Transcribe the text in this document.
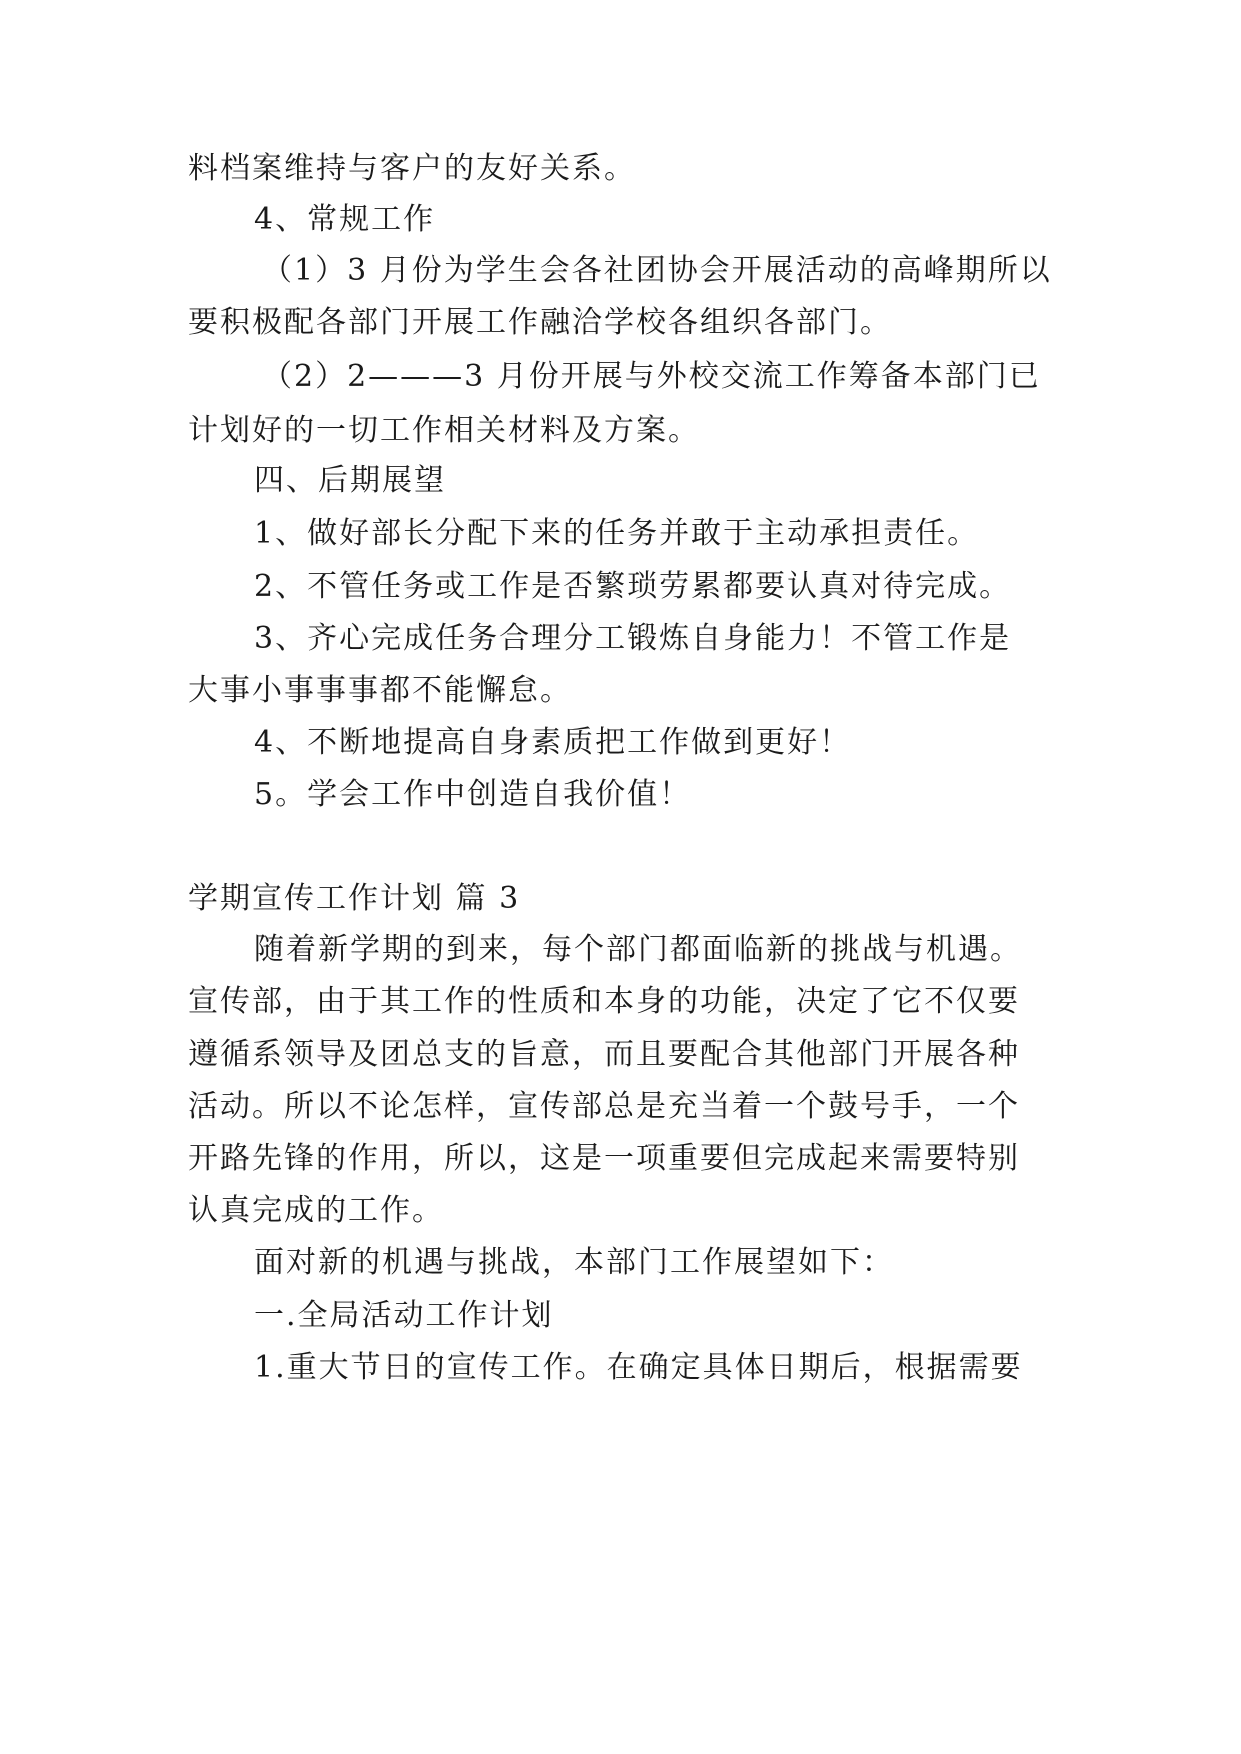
料档案维持与客户的友好关系。
4、常规工作
（1）3 月份为学生会各社团协会开展活动的高峰期所以
要积极配各部门开展工作融洽学校各组织各部门。
（2）2———3 月份开展与外校交流工作筹备本部门已
计划好的一切工作相关材料及方案。
四、后期展望
1、做好部长分配下来的任务并敢于主动承担责任。
2、不管任务或工作是否繁琐劳累都要认真对待完成。
3、齐心完成任务合理分工锻炼自身能力！不管工作是
大事小事事事都不能懈怠。
4、不断地提高自身素质把工作做到更好！
5。学会工作中创造自我价值！
学期宣传工作计划 篇 3
随着新学期的到来，每个部门都面临新的挑战与机遇。
宣传部，由于其工作的性质和本身的功能，决定了它不仅要
遵循系领导及团总支的旨意，而且要配合其他部门开展各种
活动。所以不论怎样，宣传部总是充当着一个鼓号手，一个
开路先锋的作用，所以，这是一项重要但完成起来需要特别
认真完成的工作。
面对新的机遇与挑战，本部门工作展望如下：
一.全局活动工作计划
1.重大节日的宣传工作。在确定具体日期后，根据需要
